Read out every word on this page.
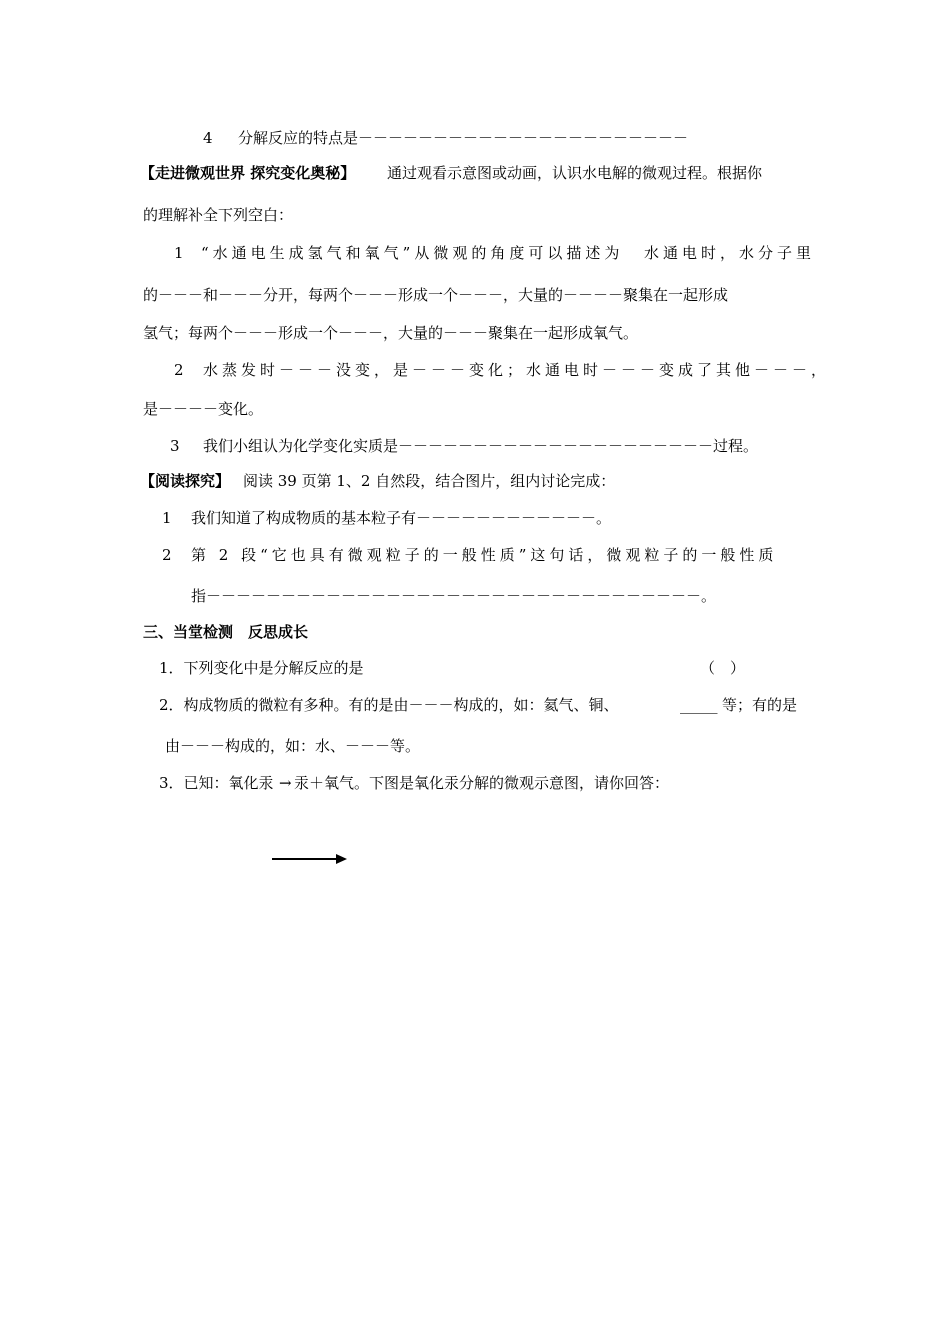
4 分解反应的特点是－－－－－－－－－－－－－－－－－－－－－－
【走进微观世界 探究变化奥秘】 通过观看示意图或动画，认识水电解的微观过程。根据你
的理解补全下列空白：
1 “水通电生成氢气和氧气”从微观的角度可以描述为 水通电时，水分子里
的－－－和－－－分开，每两个－－－形成一个－－－，大量的－－－－聚集在一起形成
氢气；每两个－－－形成一个－－－，大量的－－－聚集在一起形成氧气。
2 水蒸发时－－－没变，是－－－变化；水通电时－－－变成了其他－－－，
是－－－－变化。
3 我们小组认为化学变化实质是－－－－－－－－－－－－－－－－－－－－－过程。
【阅读探究】 阅读 39 页第 1、2 自然段，结合图片，组内讨论完成：
1 我们知道了构成物质的基本粒子有－－－－－－－－－－－－。
2 第 2 段“它也具有微观粒子的一般性质”这句话，微观粒子的一般性质
指－－－－－－－－－－－－－－－－－－－－－－－－－－－－－－－－－。
三、当堂检测　反思成长
1．下列变化中是分解反应的是	（　）
2．构成物质的微粒有多种。有的是由－－－构成的，如：氦气、铜、	_____ 等；有的是
由－－－构成的，如：水、－－－等。
3．已知：氧化汞 → 汞＋氧气。下图是氧化汞分解的微观示意图，请你回答：
